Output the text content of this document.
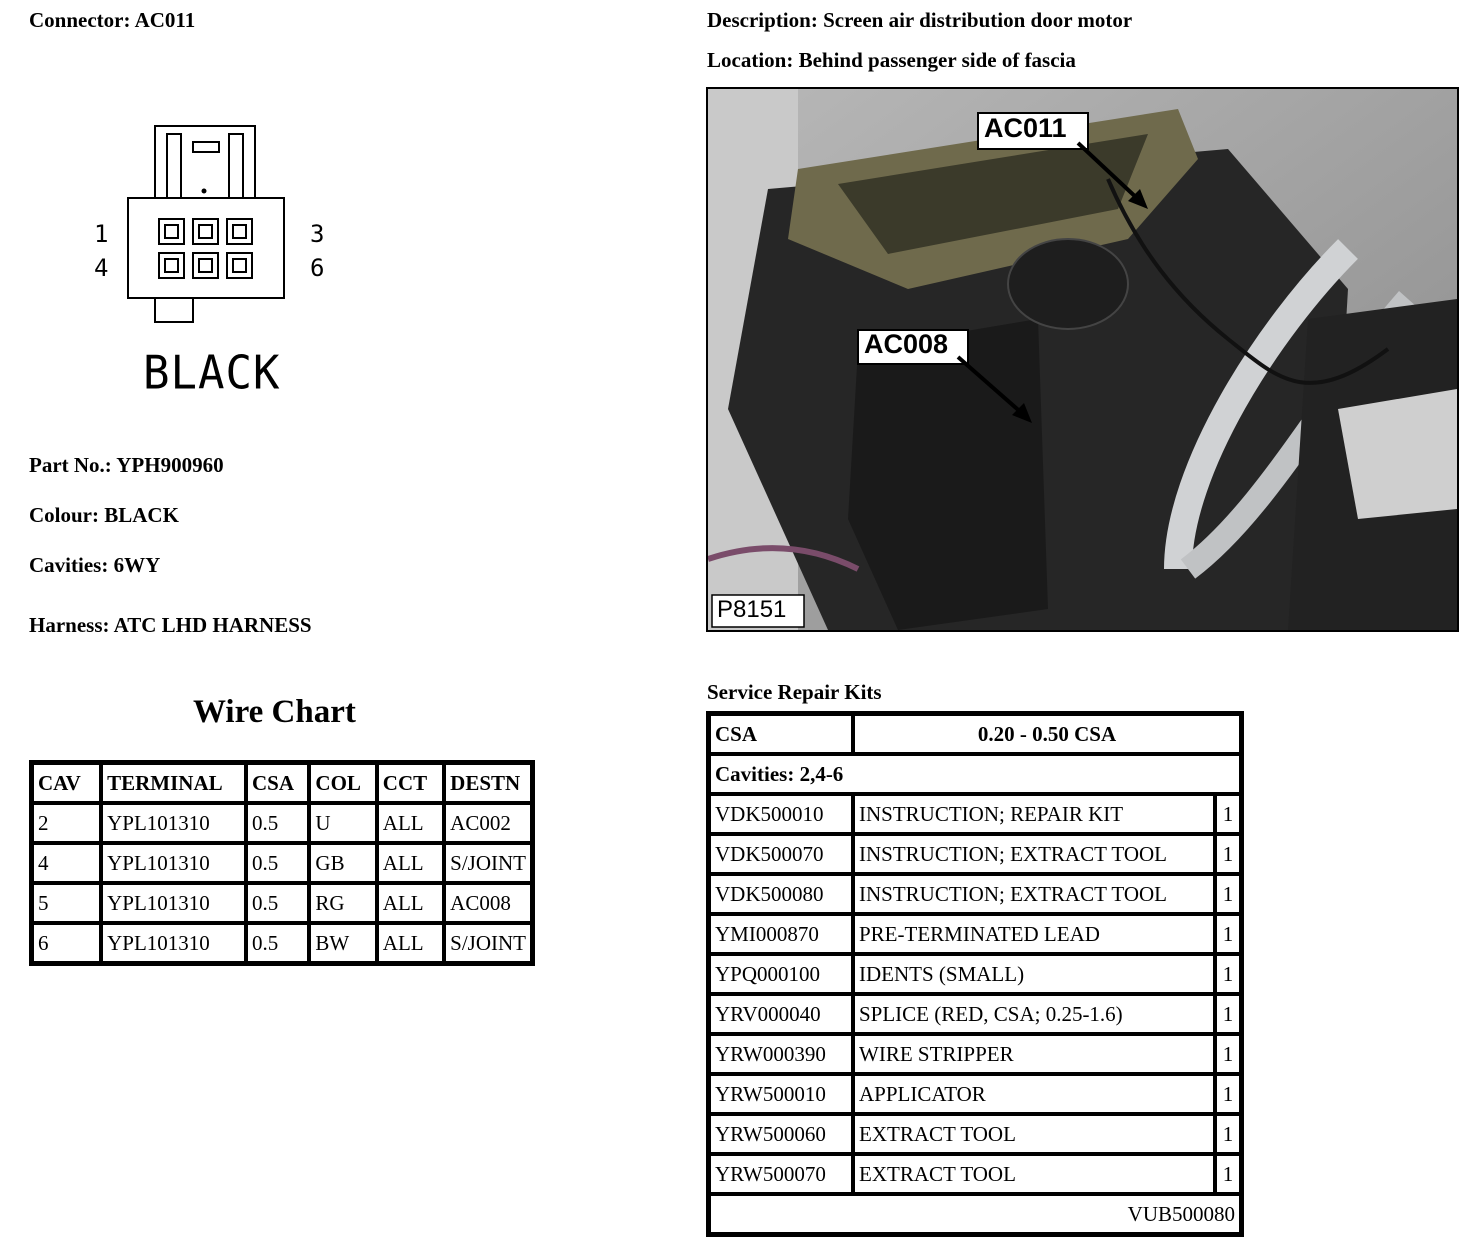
Connector: AC011	Description: Screen air distribution door motor
Location: Behind passenger side of fascia
1	3
4	6
BLACK
Part No.: YPH900960
Colour: BLACK
Cavities: 6WY
Harness: ATC LHD HARNESS
Wire Chart
CAV	TERMINAL	CSA	COL	CCT	DESTN
2	YPL101310	0.5	U	ALL	AC002
4	YPL101310	0.5	GB	ALL	S/JOINT
5	YPL101310	0.5	RG	ALL	AC008
6	YPL101310	0.5	BW	ALL	S/JOINT
AC011
AC008
P8151
Service Repair Kits
CSA	0.20 - 0.50 CSA	
Cavities: 2,4-6		
VDK500010	INSTRUCTION; REPAIR KIT	1
VDK500070	INSTRUCTION; EXTRACT TOOL	1
VDK500080	INSTRUCTION; EXTRACT TOOL	1
YMI000870	PRE-TERMINATED LEAD	1
YPQ000100	IDENTS (SMALL)	1
YRV000040	SPLICE (RED, CSA; 0.25-1.6)	1
YRW000390	WIRE STRIPPER	1
YRW500010	APPLICATOR	1
YRW500060	EXTRACT TOOL	1
YRW500070	EXTRACT TOOL	1
VUB500080		
